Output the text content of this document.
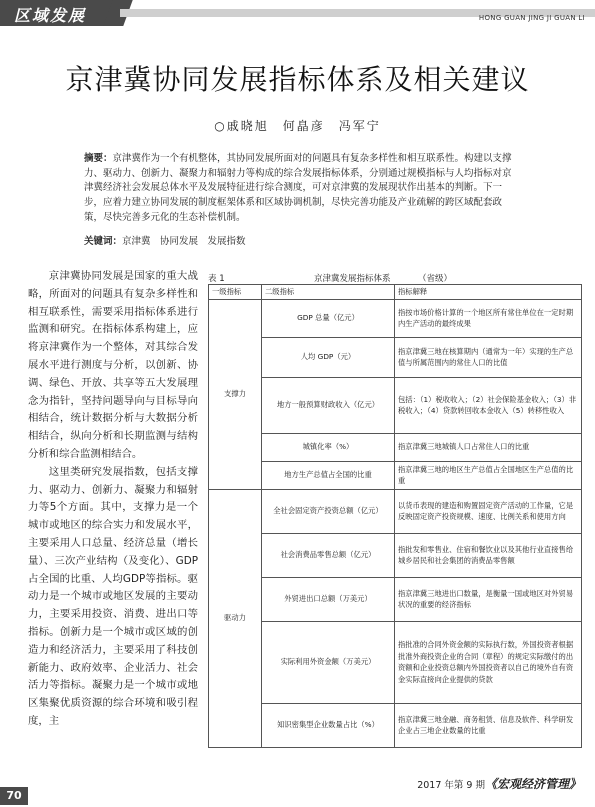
区域发展	HONG GUAN JING JI GUAN LI
京津冀协同发展指标体系及相关建议
○戚晓旭　何皛彦　冯军宁
摘要：京津冀作为一个有机整体，其协同发展所面对的问题具有复杂多样性和相互联系性。构建以支撑力、驱动力、创新力、凝聚力和辐射力等构成的综合发展指标体系，分别通过规模指标与人均指标对京津冀经济社会发展总体水平及发展特征进行综合测度，可对京津冀的发展现状作出基本的判断。下一步，应着力建立协同发展的制度框架体系和区域协调机制，尽快完善功能及产业疏解的跨区域配套政策，尽快完善多元化的生态补偿机制。
关键词：京津冀　协同发展　发展指数

京津冀协同发展是国家的重大战略，所面对的问题具有复杂多样性和相互联系性，需要采用指标体系进行监测和研究。在指标体系构建上，应将京津冀作为一个整体，对其综合发展水平进行测度与分析，以创新、协调、绿色、开放、共享等五大发展理念为指针，坚持问题导向与目标导向相结合，统计数据分析与大数据分析相结合，纵向分析和长期监测与结构分析和综合监测相结合。

这里类研究发展指数，包括支撑力、驱动力、创新力、凝聚力和辐射力等5个方面。其中，支撑力是一个城市或地区的综合实力和发展水平，主要采用人口总量、经济总量（增长量）、三次产业结构（及变化）、GDP占全国的比重、人均GDP等指标。驱动力是一个城市或地区发展的主要动力，主要采用投资、消费、进出口等指标。创新力是一个城市或区域的创造力和经济活力，主要采用了科技创新能力、政府效率、企业活力、社会活力等指标。凝聚力是一个城市或地区集聚优质资源的综合环境和吸引程度，主

表 1	京津冀发展指标体系	（省级）
一级指标	二级指标	指标解释
支撑力	GDP 总量（亿元）	指按市场价格计算的一个地区所有常住单位在一定时期内生产活动的最终成果
	人均 GDP（元）	指京津冀三地在核算期内（通常为一年）实现的生产总值与所属范围内的常住人口的比值
	地方一般预算财政收入（亿元）	包括：（1）税收收入；（2）社会保险基金收入；（3）非税收入；（4）贷款转回收本金收入（5）转移性收入
	城镇化率（%）	指京津冀三地城镇人口占常住人口的比重
	地方生产总值占全国的比重	指京津冀三地的地区生产总值占全国地区生产总值的比重
驱动力	全社会固定资产投资总额（亿元）	以货币表现的建造和购置固定资产活动的工作量，它是反映固定资产投资规模、速度、比例关系和使用方向
	社会消费品零售总额（亿元）	指批发和零售业、住宿和餐饮业以及其他行业直接售给城乡居民和社会集团的消费品零售额
	外贸进出口总额（万美元）	指京津冀三地进出口数量，是衡量一国或地区对外贸易状况的重要的经济指标
	实际利用外资金额（万美元）	指批准的合同外资金额的实际执行数，外国投资者根据批准外商投资企业的合同（章程）的规定实际缴付的出资额和企业投资总额内外国投资者以自己的境外自有资金实际直接向企业提供的贷款
	知识密集型企业数量占比（%）	指京津冀三地金融、商务租赁、信息及软件、科学研发企业占三地企业数量的比重
2017 年第 9 期《宏观经济管理》
70
